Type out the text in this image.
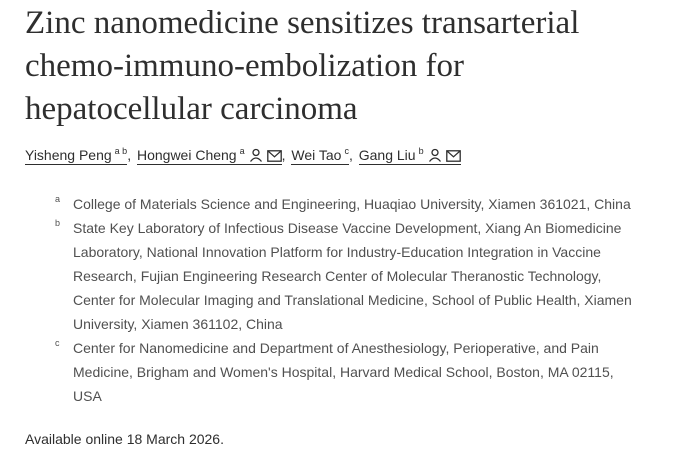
Zinc nanomedicine sensitizes transarterial
chemo-immuno-embolization for
hepatocellular carcinoma
Yisheng Peng $^{a b}$, Hongwei Cheng $^a$	, Wei Tao $^c$, Gang Liu $^b$
a College of Materials Science and Engineering, Huaqiao University, Xiamen 361021, China
b State Key Laboratory of Infectious Disease Vaccine Development, Xiang An Biomedicine
Laboratory, National Innovation Platform for Industry-Education Integration in Vaccine
Research, Fujian Engineering Research Center of Molecular Theranostic Technology,
Center for Molecular Imaging and Translational Medicine, School of Public Health, Xiamen
University, Xiamen 361102, China
c Center for Nanomedicine and Department of Anesthesiology, Perioperative, and Pain
Medicine, Brigham and Women's Hospital, Harvard Medical School, Boston, MA 02115,
USA
Available online 18 March 2026.
